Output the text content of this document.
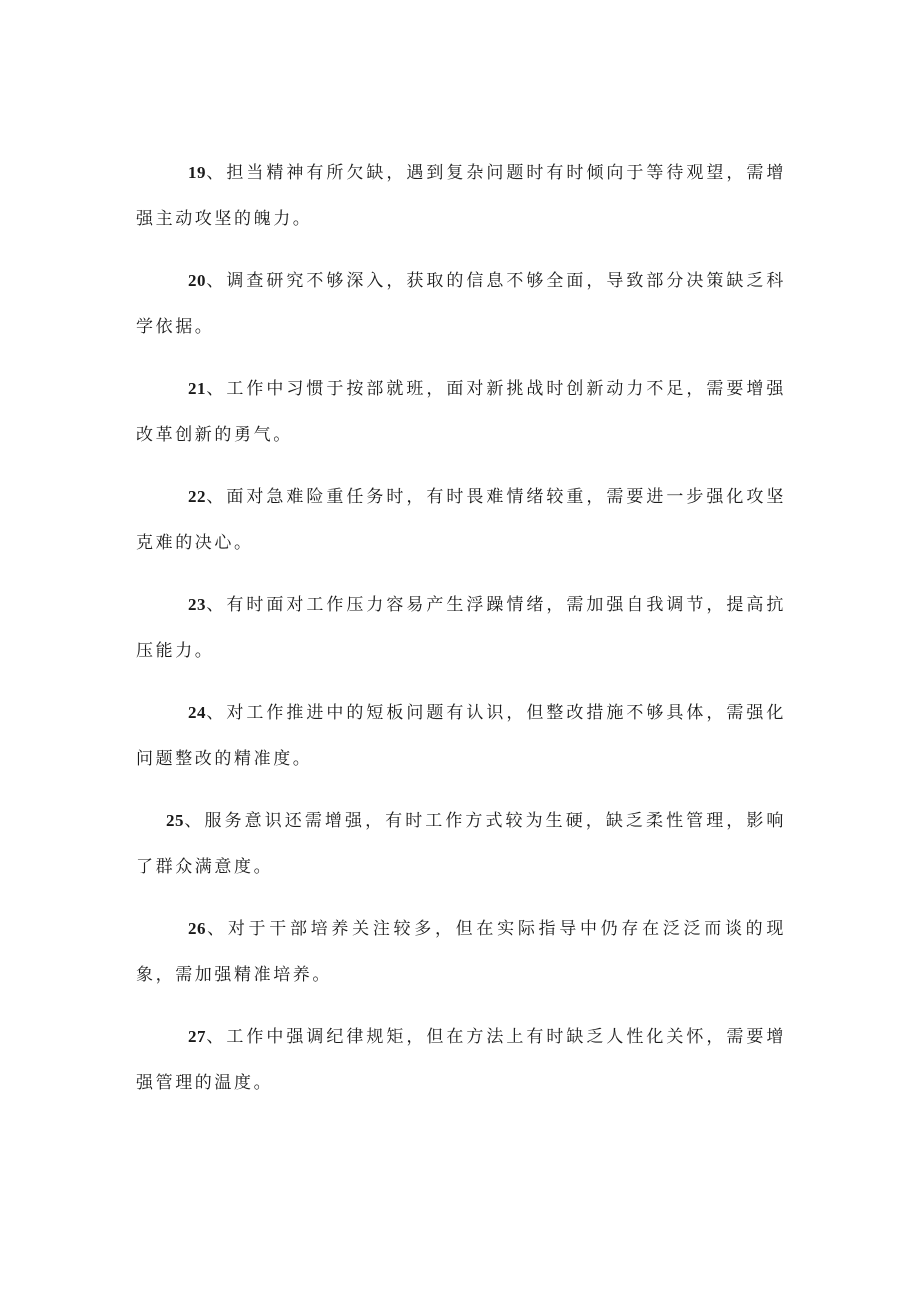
19、担当精神有所欠缺，遇到复杂问题时有时倾向于等待观望，需增强主动攻坚的魄力。

20、调查研究不够深入，获取的信息不够全面，导致部分决策缺乏科学依据。

21、工作中习惯于按部就班，面对新挑战时创新动力不足，需要增强改革创新的勇气。

22、面对急难险重任务时，有时畏难情绪较重，需要进一步强化攻坚克难的决心。

23、有时面对工作压力容易产生浮躁情绪，需加强自我调节，提高抗压能力。

24、对工作推进中的短板问题有认识，但整改措施不够具体，需强化问题整改的精准度。

25、服务意识还需增强，有时工作方式较为生硬，缺乏柔性管理，影响了群众满意度。

26、对于干部培养关注较多，但在实际指导中仍存在泛泛而谈的现象，需加强精准培养。

27、工作中强调纪律规矩，但在方法上有时缺乏人性化关怀，需要增强管理的温度。
